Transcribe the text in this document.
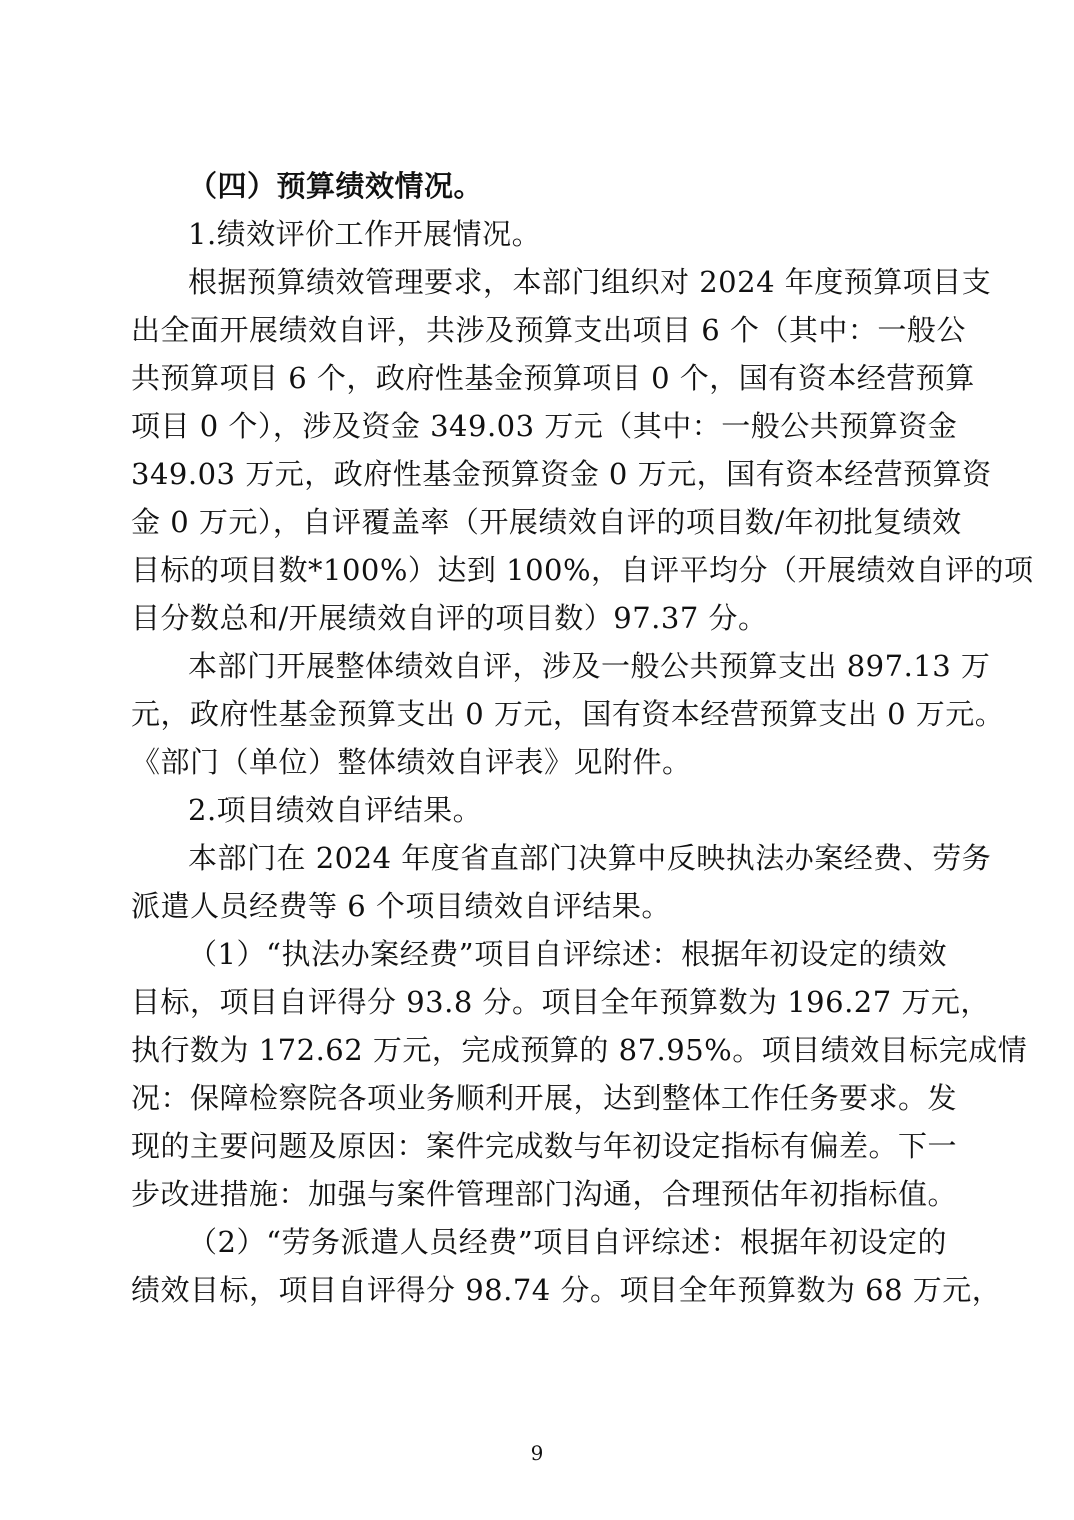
（四）预算绩效情况。
1.绩效评价工作开展情况。
根据预算绩效管理要求，本部门组织对 2024 年度预算项目支
出全面开展绩效自评，共涉及预算支出项目 6 个（其中：一般公
共预算项目 6 个，政府性基金预算项目 0 个，国有资本经营预算
项目 0 个），涉及资金 349.03 万元（其中：一般公共预算资金
349.03 万元，政府性基金预算资金 0 万元，国有资本经营预算资
金 0 万元），自评覆盖率（开展绩效自评的项目数/年初批复绩效
目标的项目数*100%）达到 100%，自评平均分（开展绩效自评的项
目分数总和/开展绩效自评的项目数）97.37 分。
本部门开展整体绩效自评，涉及一般公共预算支出 897.13 万
元，政府性基金预算支出 0 万元，国有资本经营预算支出 0 万元。
《部门（单位）整体绩效自评表》见附件。
2.项目绩效自评结果。
本部门在 2024 年度省直部门决算中反映执法办案经费、劳务
派遣人员经费等 6 个项目绩效自评结果。
（1）“执法办案经费”项目自评综述：根据年初设定的绩效
目标，项目自评得分 93.8 分。项目全年预算数为 196.27 万元，
执行数为 172.62 万元，完成预算的 87.95%。项目绩效目标完成情
况：保障检察院各项业务顺利开展，达到整体工作任务要求。发
现的主要问题及原因：案件完成数与年初设定指标有偏差。下一
步改进措施：加强与案件管理部门沟通，合理预估年初指标值。
（2）“劳务派遣人员经费”项目自评综述：根据年初设定的
绩效目标，项目自评得分 98.74 分。项目全年预算数为 68 万元，
9
